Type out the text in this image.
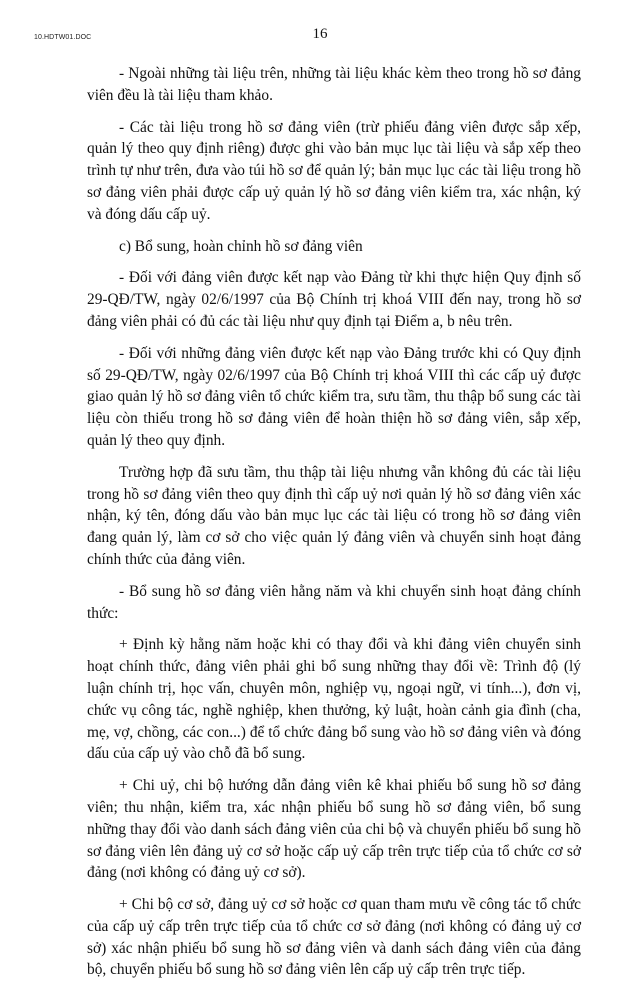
10.HDTW01.DOC	16

- Ngoài những tài liệu trên, những tài liệu khác kèm theo trong hồ sơ đảng viên đều là tài liệu tham khảo.

- Các tài liệu trong hồ sơ đảng viên (trừ phiếu đảng viên được sắp xếp, quản lý theo quy định riêng) được ghi vào bản mục lục tài liệu và sắp xếp theo trình tự như trên, đưa vào túi hồ sơ để quản lý; bản mục lục các tài liệu trong hồ sơ đảng viên phải được cấp uỷ quản lý hồ sơ đảng viên kiểm tra, xác nhận, ký và đóng dấu cấp uỷ.

c) Bổ sung, hoàn chỉnh hồ sơ đảng viên

- Đối với đảng viên được kết nạp vào Đảng từ khi thực hiện Quy định số 29-QĐ/TW, ngày 02/6/1997 của Bộ Chính trị khoá VIII đến nay, trong hồ sơ đảng viên phải có đủ các tài liệu như quy định tại Điểm a, b nêu trên.

- Đối với những đảng viên được kết nạp vào Đảng trước khi có Quy định số 29-QĐ/TW, ngày 02/6/1997 của Bộ Chính trị khoá VIII thì các cấp uỷ được giao quản lý hồ sơ đảng viên tổ chức kiểm tra, sưu tầm, thu thập bổ sung các tài liệu còn thiếu trong hồ sơ đảng viên để hoàn thiện hồ sơ đảng viên, sắp xếp, quản lý theo quy định.

Trường hợp đã sưu tầm, thu thập tài liệu nhưng vẫn không đủ các tài liệu trong hồ sơ đảng viên theo quy định thì cấp uỷ nơi quản lý hồ sơ đảng viên xác nhận, ký tên, đóng dấu vào bản mục lục các tài liệu có trong hồ sơ đảng viên đang quản lý, làm cơ sở cho việc quản lý đảng viên và chuyển sinh hoạt đảng chính thức của đảng viên.

- Bổ sung hồ sơ đảng viên hằng năm và khi chuyển sinh hoạt đảng chính thức:

+ Định kỳ hằng năm hoặc khi có thay đổi và khi đảng viên chuyển sinh hoạt chính thức, đảng viên phải ghi bổ sung những thay đổi về: Trình độ (lý luận chính trị, học vấn, chuyên môn, nghiệp vụ, ngoại ngữ, vi tính...), đơn vị, chức vụ công tác, nghề nghiệp, khen thưởng, kỷ luật, hoàn cảnh gia đình (cha, mẹ, vợ, chồng, các con...) để tổ chức đảng bổ sung vào hồ sơ đảng viên và đóng dấu của cấp uỷ vào chỗ đã bổ sung.

+ Chi uỷ, chi bộ hướng dẫn đảng viên kê khai phiếu bổ sung hồ sơ đảng viên; thu nhận, kiểm tra, xác nhận phiếu bổ sung hồ sơ đảng viên, bổ sung những thay đổi vào danh sách đảng viên của chi bộ và chuyển phiếu bổ sung hồ sơ đảng viên lên đảng uỷ cơ sở hoặc cấp uỷ cấp trên trực tiếp của tổ chức cơ sở đảng (nơi không có đảng uỷ cơ sở).

+ Chi bộ cơ sở, đảng uỷ cơ sở hoặc cơ quan tham mưu về công tác tổ chức của cấp uỷ cấp trên trực tiếp của tổ chức cơ sở đảng (nơi không có đảng uỷ cơ sở) xác nhận phiếu bổ sung hồ sơ đảng viên và danh sách đảng viên của đảng bộ, chuyển phiếu bổ sung hồ sơ đảng viên lên cấp uỷ cấp trên trực tiếp.
